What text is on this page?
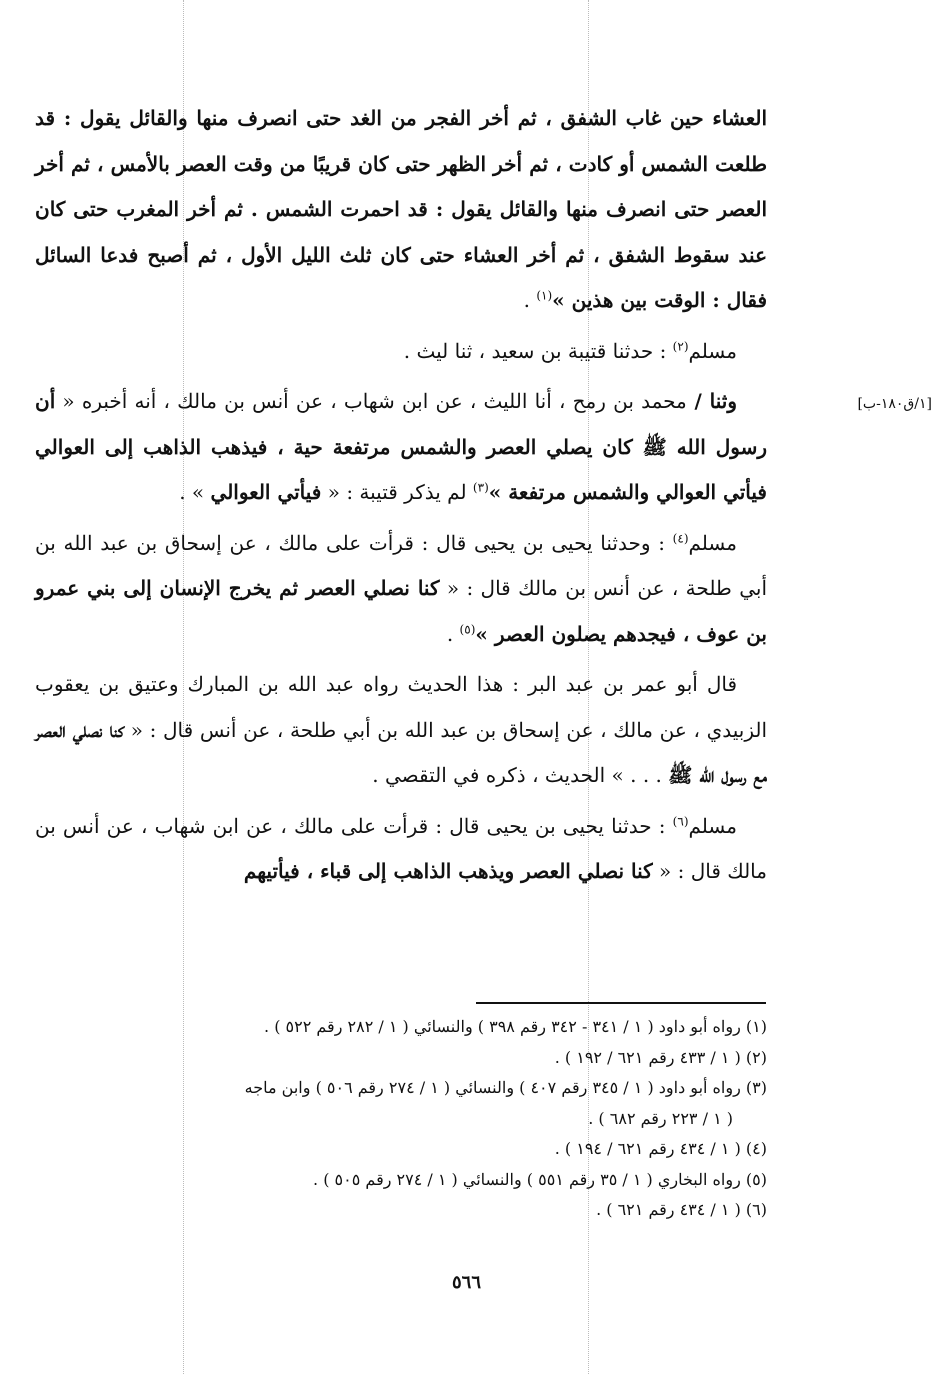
العشاء حين غاب الشفق ، ثم أخر الفجر من الغد حتى انصرف منها والقائل يقول : قد طلعت الشمس أو كادت ، ثم أخر الظهر حتى كان قريبًا من وقت العصر بالأمس ، ثم أخر العصر حتى انصرف منها والقائل يقول : قد احمرت الشمس . ثم أخر المغرب حتى كان عند سقوط الشفق ، ثم أخر العشاء حتى كان ثلث الليل الأول ، ثم أصبح فدعا السائل فقال : الوقت بين هذين »$^{(١)}$ .

مسلم$^{(٢)}$ : حدثنا قتيبة بن سعيد ، ثنا ليث .

وثنا / محمد بن رمح ، أنا الليث ، عن ابن شهاب ، عن أنس بن مالك ، أنه أخبره « أن رسول الله ﷺ كان يصلي العصر والشمس مرتفعة حية ، فيذهب الذاهب إلى العوالي فيأتي العوالي والشمس مرتفعة »$^{(٣)}$ لم يذكر قتيبة : « فيأتي العوالي » .

مسلم$^{(٤)}$ : وحدثنا يحيى بن يحيى قال : قرأت على مالك ، عن إسحاق بن عبد الله بن أبي طلحة ، عن أنس بن مالك قال : « كنا نصلي العصر ثم يخرج الإنسان إلى بني عمرو بن عوف ، فيجدهم يصلون العصر »$^{(٥)}$ .

قال أبو عمر بن عبد البر : هذا الحديث رواه عبد الله بن المبارك وعتيق بن يعقوب الزبيدي ، عن مالك ، عن إسحاق بن عبد الله بن أبي طلحة ، عن أنس قال : « كنا نصلي العصر مع رسول الله ﷺ . . . » الحديث ، ذكره في التقصي .

مسلم$^{(٦)}$ : حدثنا يحيى بن يحيى قال : قرأت على مالك ، عن ابن شهاب ، عن أنس بن مالك قال : « كنا نصلي العصر ويذهب الذاهب إلى قباء ، فيأتيهم

[١/ق١٨٠-ب]
(١) رواه أبو داود ( ١ / ٣٤١ - ٣٤٢ رقم ٣٩٨ ) والنسائي ( ١ / ٢٨٢ رقم ٥٢٢ ) .
(٢) ( ١ / ٤٣٣ رقم ٦٢١ / ١٩٢ ) .
(٣) رواه أبو داود ( ١ / ٣٤٥ رقم ٤٠٧ ) والنسائي ( ١ / ٢٧٤ رقم ٥٠٦ ) وابن ماجه
( ١ / ٢٢٣ رقم ٦٨٢ ) .
(٤) ( ١ / ٤٣٤ رقم ٦٢١ / ١٩٤ ) .
(٥) رواه البخاري ( ١ / ٣٥ رقم ٥٥١ ) والنسائي ( ١ / ٢٧٤ رقم ٥٠٥ ) .
(٦) ( ١ / ٤٣٤ رقم ٦٢١ ) .
٥٦٦
